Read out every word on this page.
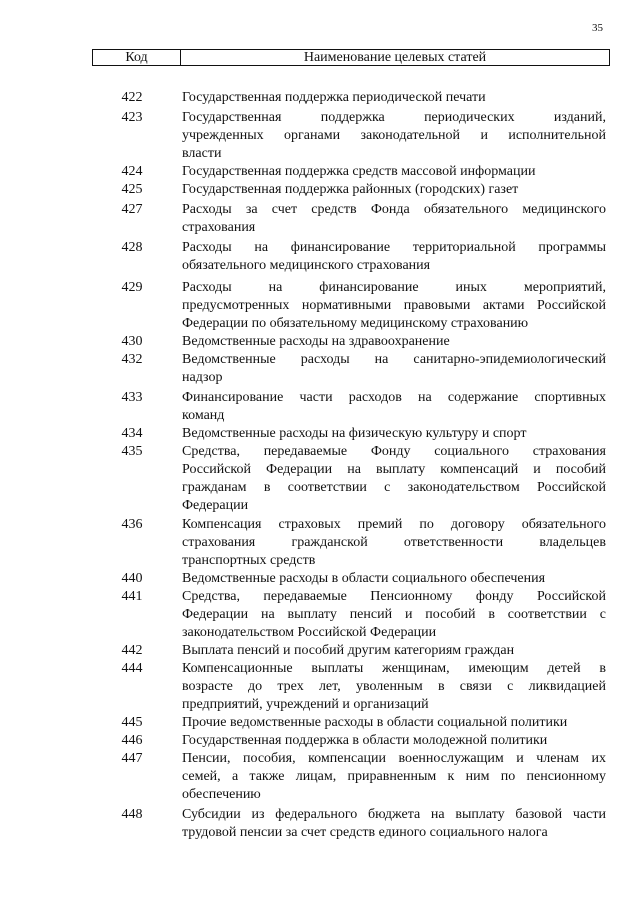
35
Код	Наименование целевых статей
422	Государственная поддержка периодической печати
423	Государственная поддержка периодических изданий,
учрежденных органами законодательной и исполнительной
власти
424	Государственная поддержка средств массовой информации
425	Государственная поддержка районных (городских) газет
427	Расходы за счет средств Фонда обязательного медицинского
страхования
428	Расходы на финансирование территориальной программы
обязательного медицинского страхования
429	Расходы на финансирование иных мероприятий,
предусмотренных нормативными правовыми актами Российской
Федерации по обязательному медицинскому страхованию
430	Ведомственные расходы на здравоохранение
432	Ведомственные расходы на санитарно-эпидемиологический
надзор
433	Финансирование части расходов на содержание спортивных
команд
434	Ведомственные расходы на физическую культуру и спорт
435	Средства, передаваемые Фонду социального страхования
Российской Федерации на выплату компенсаций и пособий
гражданам в соответствии с законодательством Российской
Федерации
436	Компенсация страховых премий по договору обязательного
страхования гражданской ответственности владельцев
транспортных средств
440	Ведомственные расходы в области социального обеспечения
441	Средства, передаваемые Пенсионному фонду Российской
Федерации на выплату пенсий и пособий в соответствии с
законодательством Российской Федерации
442	Выплата пенсий и пособий другим категориям граждан
444	Компенсационные выплаты женщинам, имеющим детей в
возрасте до трех лет, уволенным в связи с ликвидацией
предприятий, учреждений и организаций
445	Прочие ведомственные расходы в области социальной политики
446	Государственная поддержка в области молодежной политики
447	Пенсии, пособия, компенсации военнослужащим и членам их
семей, а также лицам, приравненным к ним по пенсионному
обеспечению
448	Субсидии из федерального бюджета на выплату базовой части
трудовой пенсии за счет средств единого социального налога
